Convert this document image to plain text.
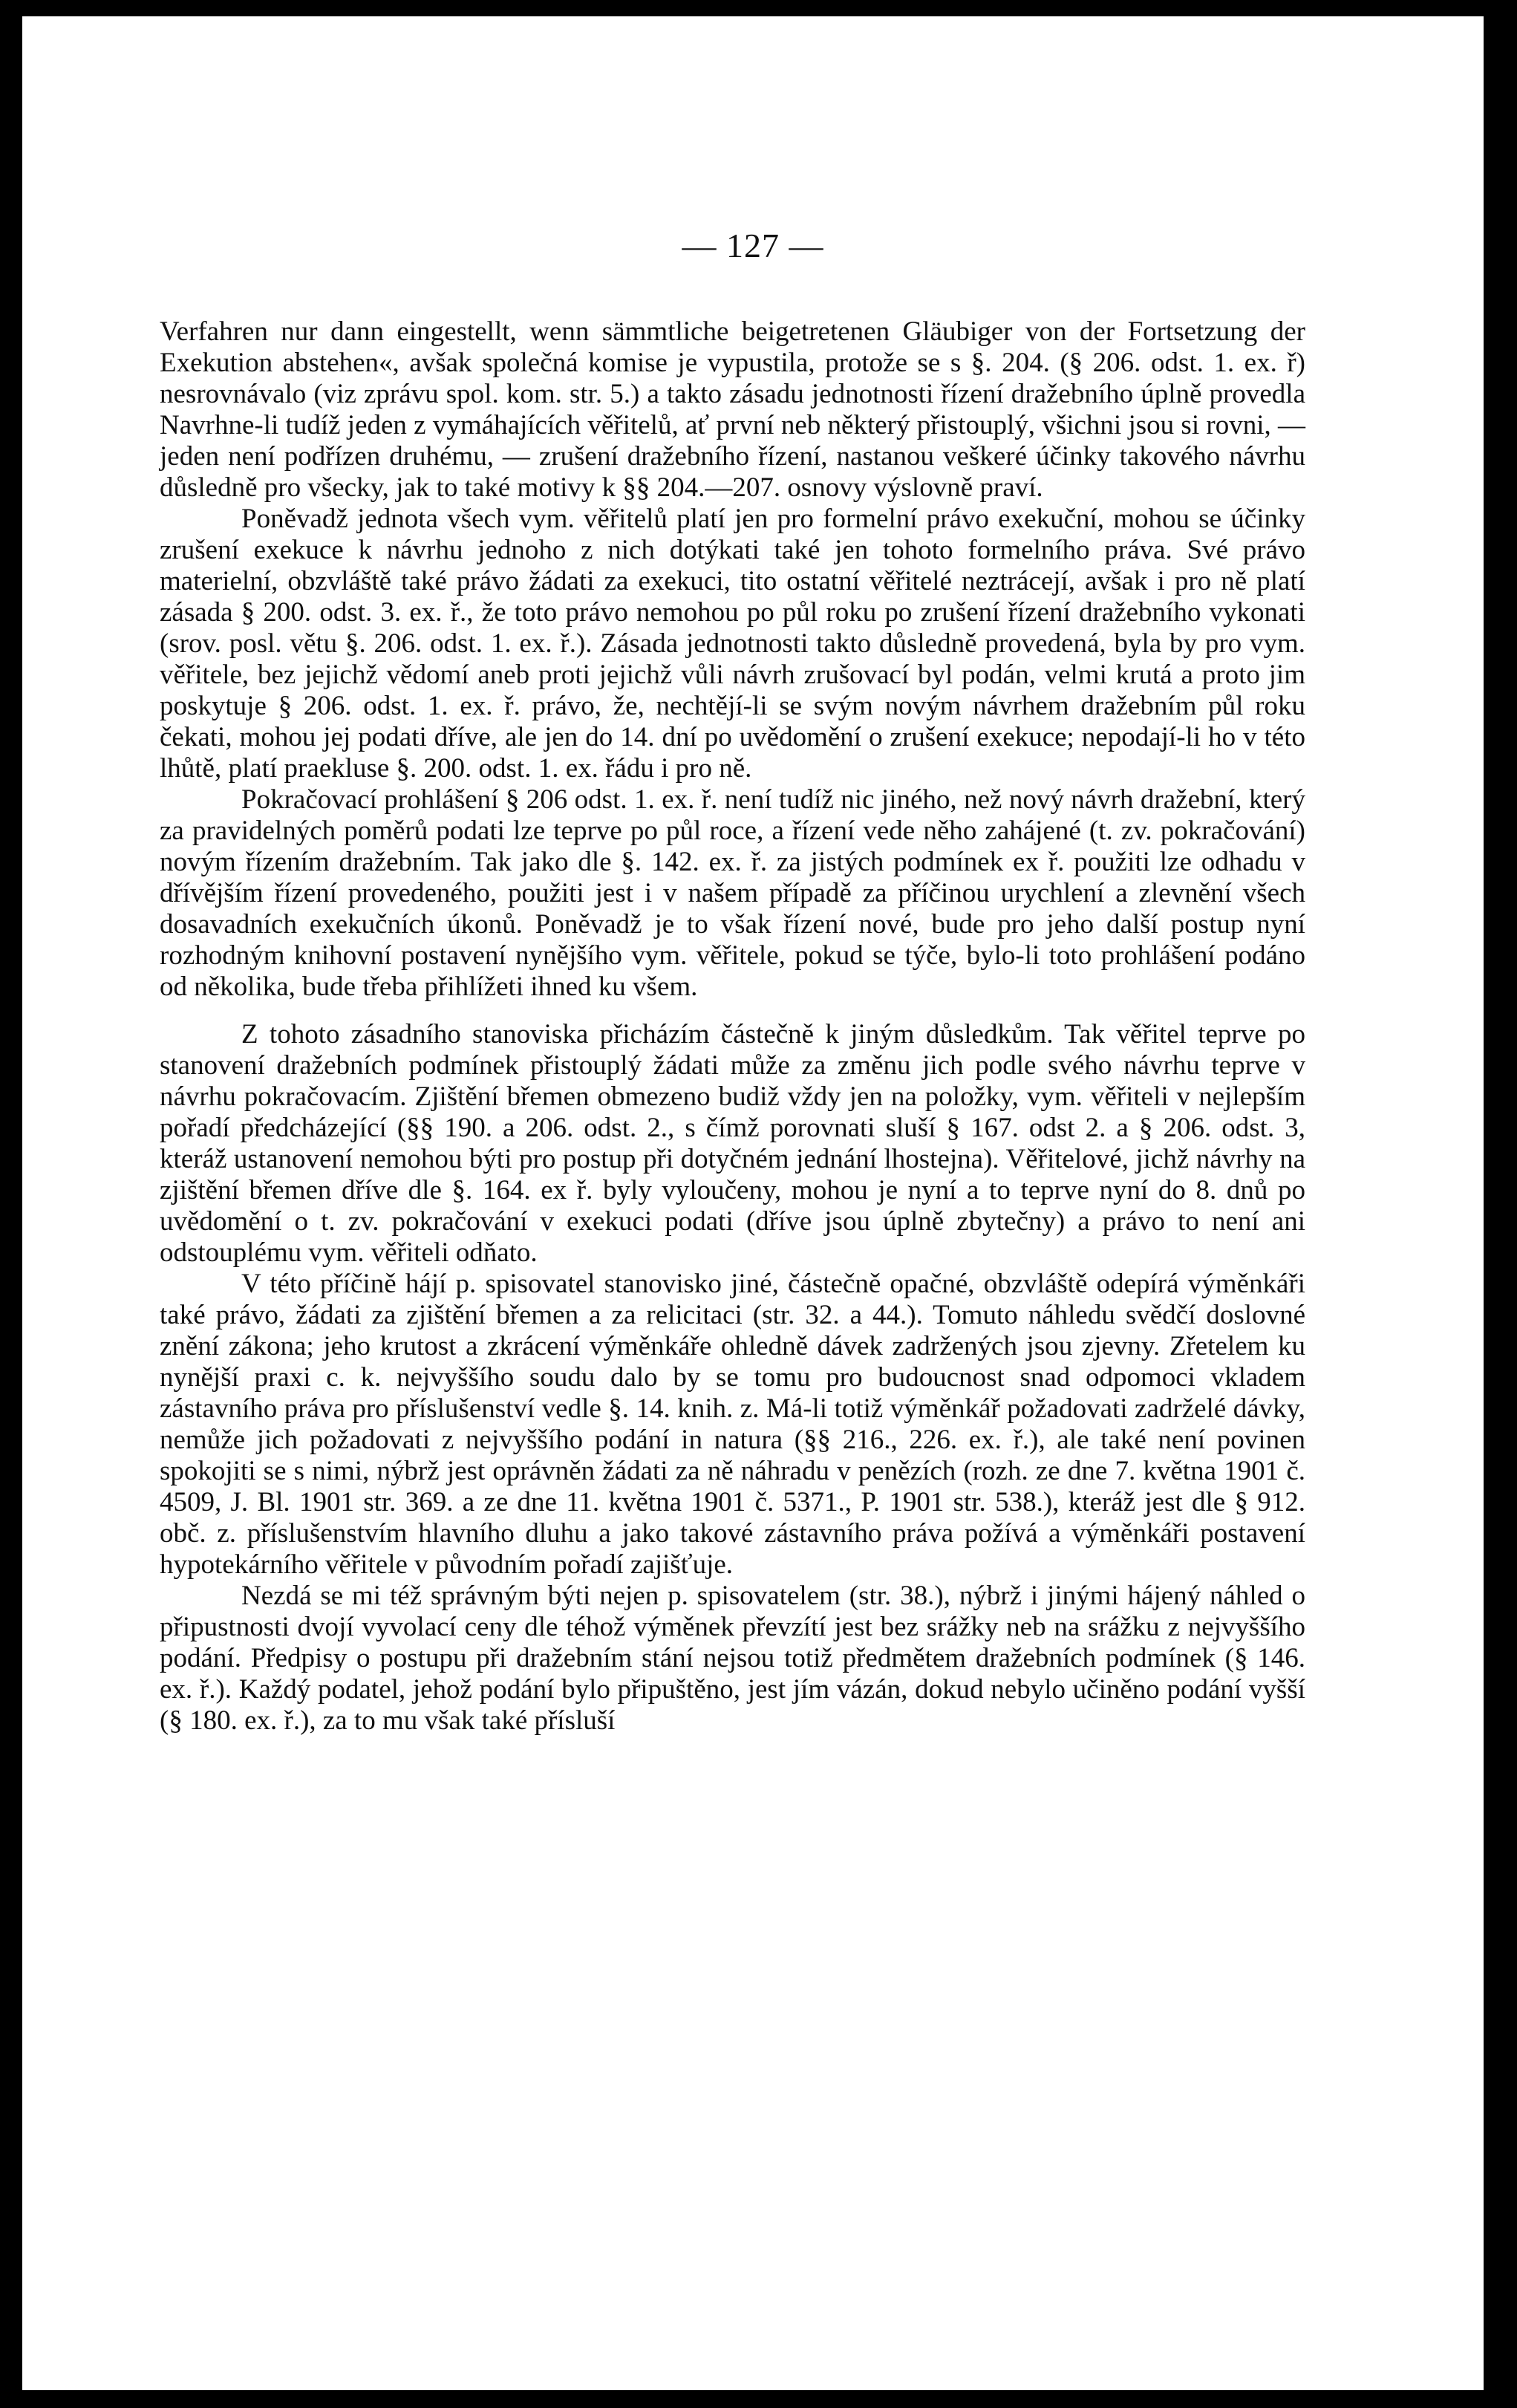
— 127 —

Verfahren nur dann eingestellt, wenn sämmtliche beigetretenen Gläubiger von der Fortsetzung der Exekution abstehen«, avšak společná komise je vypustila, protože se s §. 204. (§ 206. odst. 1. ex. ř) nesrovnávalo (viz zprávu spol. kom. str. 5.) a takto zásadu jednotnosti řízení dražebního úplně provedla Navrhne-li tudíž jeden z vymáhajících věřitelů, ať první neb některý přistouplý, všichni jsou si rovni, — jeden není podřízen druhému, — zrušení dražebního řízení, nastanou veškeré účinky takového návrhu důsledně pro všecky, jak to také motivy k §§ 204.—207. osnovy výslovně praví.

Poněvadž jednota všech vym. věřitelů platí jen pro formelní právo exekuční, mohou se účinky zrušení exekuce k návrhu jednoho z nich dotýkati také jen tohoto formelního práva. Své právo materielní, obzvláště také právo žádati za exekuci, tito ostatní věřitelé neztrácejí, avšak i pro ně platí zásada § 200. odst. 3. ex. ř., že toto právo nemohou po půl roku po zrušení řízení dražebního vykonati (srov. posl. větu §. 206. odst. 1. ex. ř.). Zásada jednotnosti takto důsledně provedená, byla by pro vym. věřitele, bez jejichž vědomí aneb proti jejichž vůli návrh zrušovací byl podán, velmi krutá a proto jim poskytuje § 206. odst. 1. ex. ř. právo, že, nechtějí-li se svým novým návrhem dražebním půl roku čekati, mohou jej podati dříve, ale jen do 14. dní po uvědomění o zrušení exekuce; nepodají-li ho v této lhůtě, platí praekluse §. 200. odst. 1. ex. řádu i pro ně.

Pokračovací prohlášení § 206 odst. 1. ex. ř. není tudíž nic jiného, než nový návrh dražební, který za pravidelných poměrů podati lze teprve po půl roce, a řízení vede něho zahájené (t. zv. pokračování) novým řízením dražebním. Tak jako dle §. 142. ex. ř. za jistých podmínek ex ř. použiti lze odhadu v dřívějším řízení provedeného, použiti jest i v našem případě za příčinou urychlení a zlevnění všech dosavadních exekučních úkonů. Poněvadž je to však řízení nové, bude pro jeho další postup nyní rozhodným knihovní postavení nynějšího vym. věřitele, pokud se týče, bylo-li toto prohlášení podáno od několika, bude třeba přihlížeti ihned ku všem.

Z tohoto zásadního stanoviska přicházím částečně k jiným důsledkům. Tak věřitel teprve po stanovení dražebních podmínek přistouplý žádati může za změnu jich podle svého návrhu teprve v návrhu pokračovacím. Zjištění břemen obmezeno budiž vždy jen na položky, vym. věřiteli v nejlepším pořadí předcházející (§§ 190. a 206. odst. 2., s čímž porovnati sluší § 167. odst 2. a § 206. odst. 3, kteráž ustanovení nemohou býti pro postup při dotyčném jednání lhostejna). Věřitelové, jichž návrhy na zjištění břemen dříve dle §. 164. ex ř. byly vyloučeny, mohou je nyní a to teprve nyní do 8. dnů po uvědomění o t. zv. pokračování v exekuci podati (dříve jsou úplně zbytečny) a právo to není ani odstouplému vym. věřiteli odňato.

V této příčině hájí p. spisovatel stanovisko jiné, částečně opačné, obzvláště odepírá výměnkáři také právo, žádati za zjištění břemen a za relicitaci (str. 32. a 44.). Tomuto náhledu svědčí doslovné znění zákona; jeho krutost a zkrácení výměnkáře ohledně dávek zadržených jsou zjevny. Zřetelem ku nynější praxi c. k. nejvyššího soudu dalo by se tomu pro budoucnost snad odpomoci vkladem zástavního práva pro příslušenství vedle §. 14. knih. z. Má-li totiž výměnkář požadovati zadrželé dávky, nemůže jich požadovati z nejvyššího podání in natura (§§ 216., 226. ex. ř.), ale také není povinen spokojiti se s nimi, nýbrž jest oprávněn žádati za ně náhradu v penězích (rozh. ze dne 7. května 1901 č. 4509, J. Bl. 1901 str. 369. a ze dne 11. května 1901 č. 5371., P. 1901 str. 538.), kteráž jest dle § 912. obč. z. příslušenstvím hlavního dluhu a jako takové zástavního práva požívá a výměnkáři postavení hypotekárního věřitele v původním pořadí zajišťuje.

Nezdá se mi též správným býti nejen p. spisovatelem (str. 38.), nýbrž i jinými hájený náhled o připustnosti dvojí vyvolací ceny dle téhož výměnek převzítí jest bez srážky neb na srážku z nejvyššího podání. Předpisy o postupu při dražebním stání nejsou totiž předmětem dražebních podmínek (§ 146. ex. ř.). Každý podatel, jehož podání bylo připuštěno, jest jím vázán, dokud nebylo učiněno podání vyšší (§ 180. ex. ř.), za to mu však také přísluší
